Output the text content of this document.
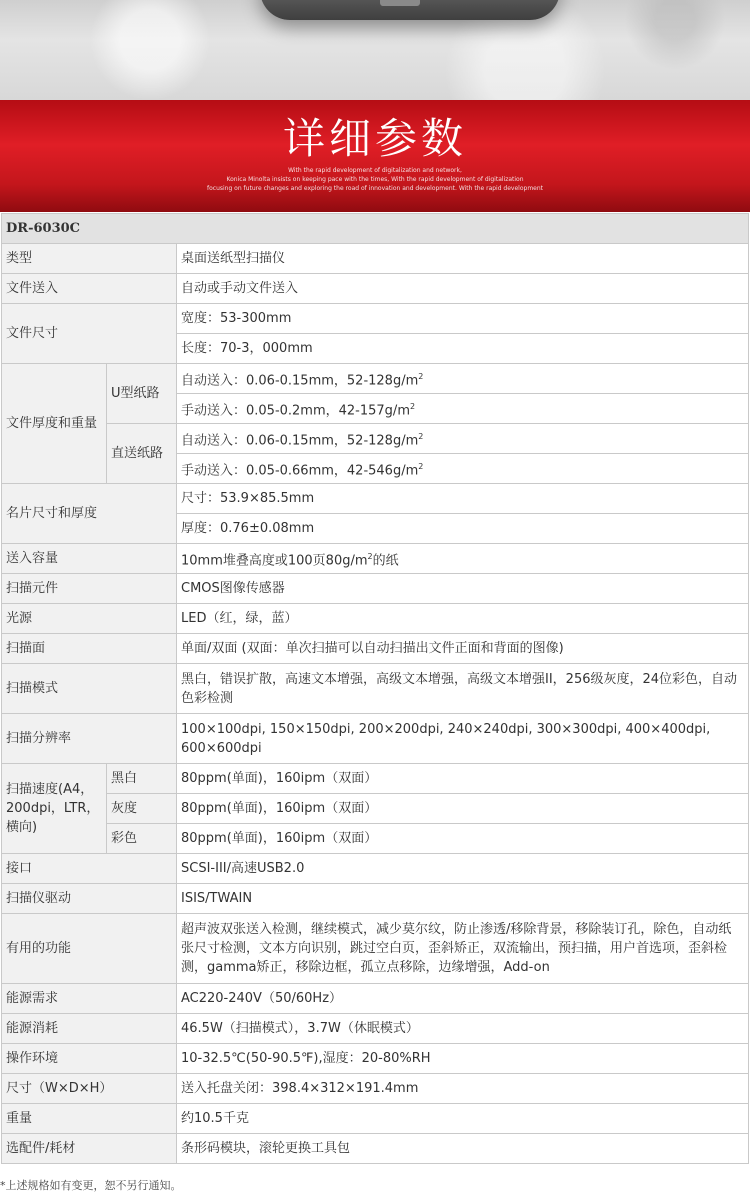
详细参数
With the rapid development of digitalization and network,
Konica Minolta insists on keeping pace with the times, With the rapid development of digitalization
focusing on future changes and exploring the road of innovation and development. With the rapid development
DR-6030C		
类型		桌面送纸型扫描仪
文件送入		自动或手动文件送入
文件尺寸		宽度：53-300mm
		长度：70-3，000mm
文件厚度和重量	U型纸路	自动送入：0.06-0.15mm，$52-128g/m^2$
		手动送入：0.05-0.2mm，$42-157g/m^2$
	直送纸路	自动送入：0.06-0.15mm，$52-128g/m^2$
		手动送入：0.05-0.66mm，$42-546g/m^2$
名片尺寸和厚度		尺寸：53.9×85.5mm
		厚度：0.76±0.08mm
送入容量		10mm堆叠高度或100页$80g/m^2$的纸
扫描元件		CMOS图像传感器
光源		LED（红，绿，蓝）
扫描面		单面/双面 (双面：单次扫描可以自动扫描出文件正面和背面的图像)
扫描模式		黑白，错误扩散，高速文本增强，高级文本增强，高级文本增强II，256级灰度，24位彩色，自动色彩检测
扫描分辨率		100×100dpi, 150×150dpi, 200×200dpi, 240×240dpi, 300×300dpi, 400×400dpi, 600×600dpi
扫描速度(A4，200dpi，LTR，横向)	黑白	80ppm(单面)，160ipm（双面）
	灰度	80ppm(单面)，160ipm（双面）
	彩色	80ppm(单面)，160ipm（双面）
接口		SCSI-III/高速USB2.0
扫描仪驱动		ISIS/TWAIN
有用的功能		超声波双张送入检测，继续模式，减少莫尔纹，防止渗透/移除背景，移除装订孔，除色，自动纸张尺寸检测，文本方向识别，跳过空白页，歪斜矫正，双流输出，预扫描，用户首选项，歪斜检测，gamma矫正，移除边框，孤立点移除，边缘增强，Add-on
能源需求		AC220-240V（50/60Hz）
能源消耗		46.5W（扫描模式），3.7W（休眠模式）
操作环境		10-32.5℃(50-90.5℉),湿度：20-80%RH
尺寸（W×D×H）		送入托盘关闭：398.4×312×191.4mm
重量		约10.5千克
选配件/耗材		条形码模块，滚轮更换工具包
*上述规格如有变更，恕不另行通知。
